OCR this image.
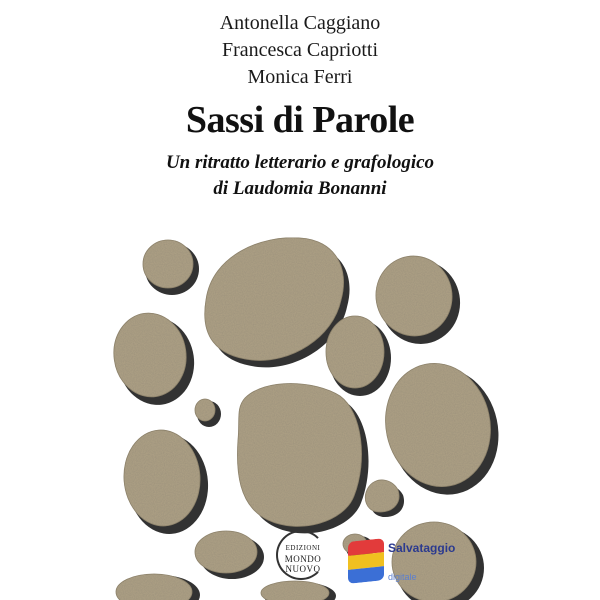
Antonella Caggiano
Francesca Capriotti
Monica Ferri
Sassi di Parole
Un ritratto letterario e grafologico
di Laudomia Bonanni
EDIZIONI
MONDO
NUOVO
Salvataggio
digitale
